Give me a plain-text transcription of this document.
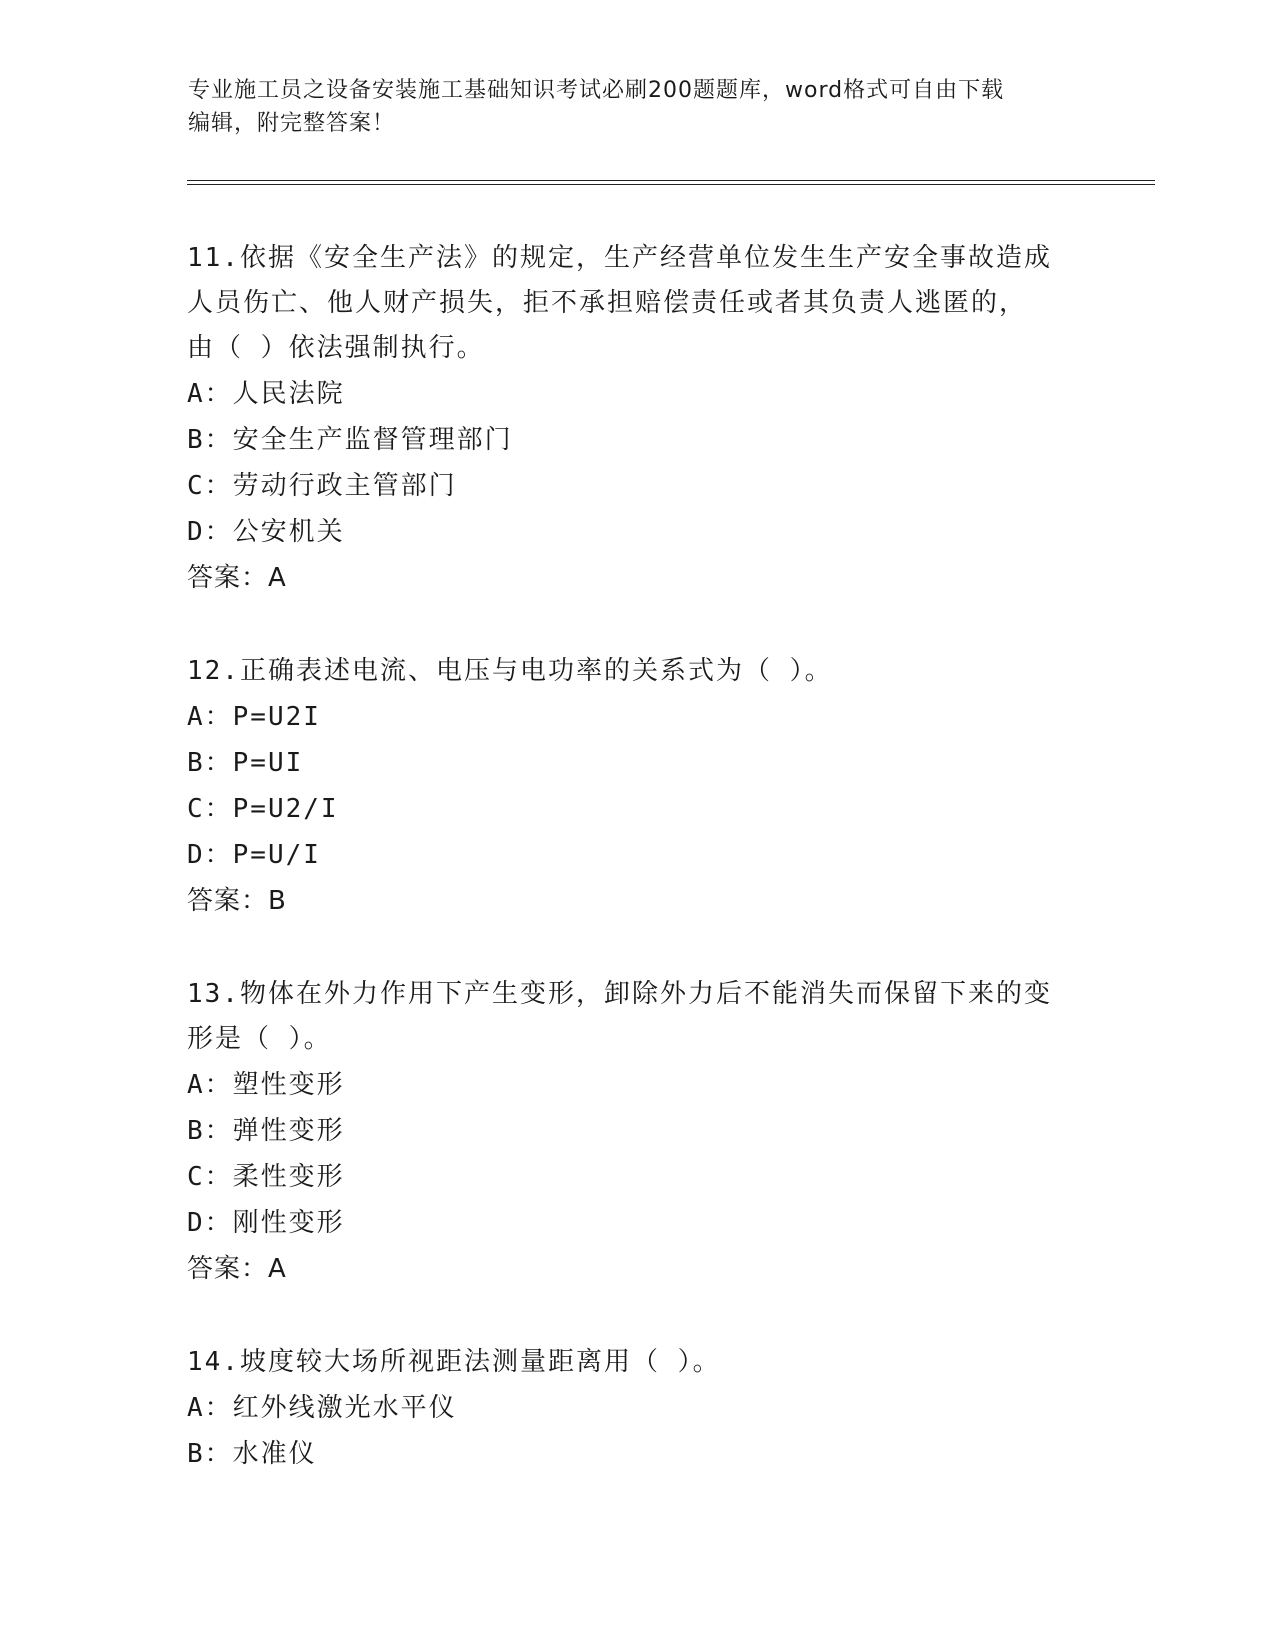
专业施工员之设备安装施工基础知识考试必刷200题题库，word格式可自由下载
编辑，附完整答案！

11.依据《安全生产法》的规定，生产经营单位发生生产安全事故造成

人员伤亡、他人财产损失，拒不承担赔偿责任或者其负责人逃匿的，

由（ ）依法强制执行。

A：人民法院

B：安全生产监督管理部门

C：劳动行政主管部门

D：公安机关

答案：A

12.正确表述电流、电压与电功率的关系式为（ ）。

A：P=U2I

B：P=UI

C：P=U2/I

D：P=U/I

答案：B

13.物体在外力作用下产生变形，卸除外力后不能消失而保留下来的变

形是（ ）。

A：塑性变形

B：弹性变形

C：柔性变形

D：刚性变形

答案：A

14.坡度较大场所视距法测量距离用（ ）。

A：红外线激光水平仪

B：水准仪
